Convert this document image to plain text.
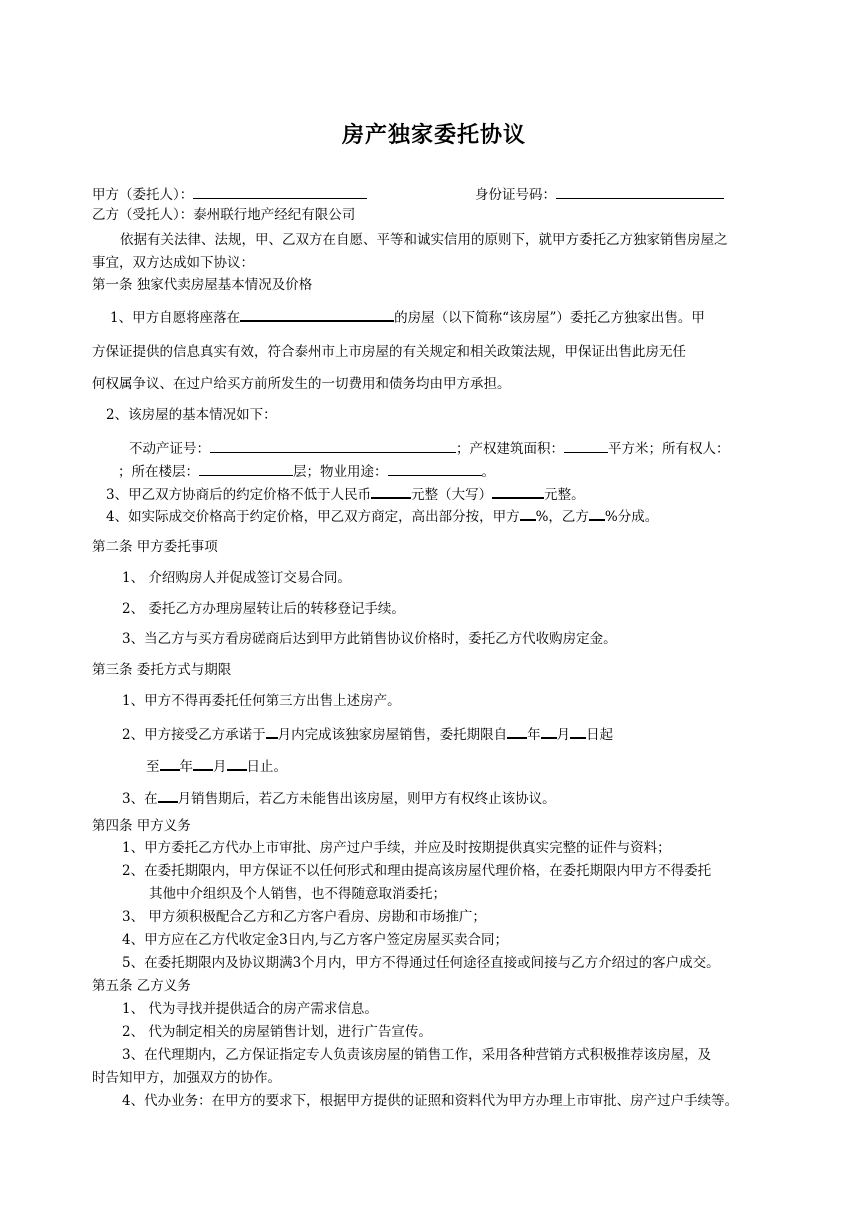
房产独家委托协议
甲方（委托人）：	身份证号码：
乙方（受托人）：泰州联行地产经纪有限公司
依据有关法律、法规，甲、乙双方在自愿、平等和诚实信用的原则下，就甲方委托乙方独家销售房屋之
事宜，双方达成如下协议：
第一条 独家代卖房屋基本情况及价格
1、甲方自愿将座落在	的房屋（以下简称“该房屋”）委托乙方独家出售。甲
方保证提供的信息真实有效，符合泰州市上市房屋的有关规定和相关政策法规，甲保证出售此房无任
何权属争议、在过户给买方前所发生的一切费用和债务均由甲方承担。
2、该房屋的基本情况如下：
不动产证号：	；产权建筑面积：	平方米；所有权人：
；所在楼层：	层；物业用途：	。
3、甲乙双方协商后的约定价格不低于人民币	元整（大写）	元整。
4、如实际成交价格高于约定价格，甲乙双方商定，高出部分按，甲方 %，乙方 %分成。
第二条 甲方委托事项
1、 介绍购房人并促成签订交易合同。
2、 委托乙方办理房屋转让后的转移登记手续。
3、当乙方与买方看房磋商后达到甲方此销售协议价格时，委托乙方代收购房定金。
第三条 委托方式与期限
1、甲方不得再委托任何第三方出售上述房产。
2、甲方接受乙方承诺于 月内完成该独家房屋销售，委托期限自 年 月 日起
至 年 月 日止。
3、在 月销售期后，若乙方未能售出该房屋，则甲方有权终止该协议。
第四条 甲方义务
1、甲方委托乙方代办上市审批、房产过户手续，并应及时按期提供真实完整的证件与资料；
2、在委托期限内，甲方保证不以任何形式和理由提高该房屋代理价格，在委托期限内甲方不得委托
其他中介组织及个人销售，也不得随意取消委托；
3、 甲方须积极配合乙方和乙方客户看房、房勘和市场推广；
4、甲方应在乙方代收定金3日内,与乙方客户签定房屋买卖合同；
5、在委托期限内及协议期满3个月内，甲方不得通过任何途径直接或间接与乙方介绍过的客户成交。
第五条 乙方义务
1、 代为寻找并提供适合的房产需求信息。
2、 代为制定相关的房屋销售计划，进行广告宣传。
3、在代理期内，乙方保证指定专人负责该房屋的销售工作，采用各种营销方式积极推荐该房屋，及
时告知甲方，加强双方的协作。
4、代办业务：在甲方的要求下，根据甲方提供的证照和资料代为甲方办理上市审批、房产过户手续等。
